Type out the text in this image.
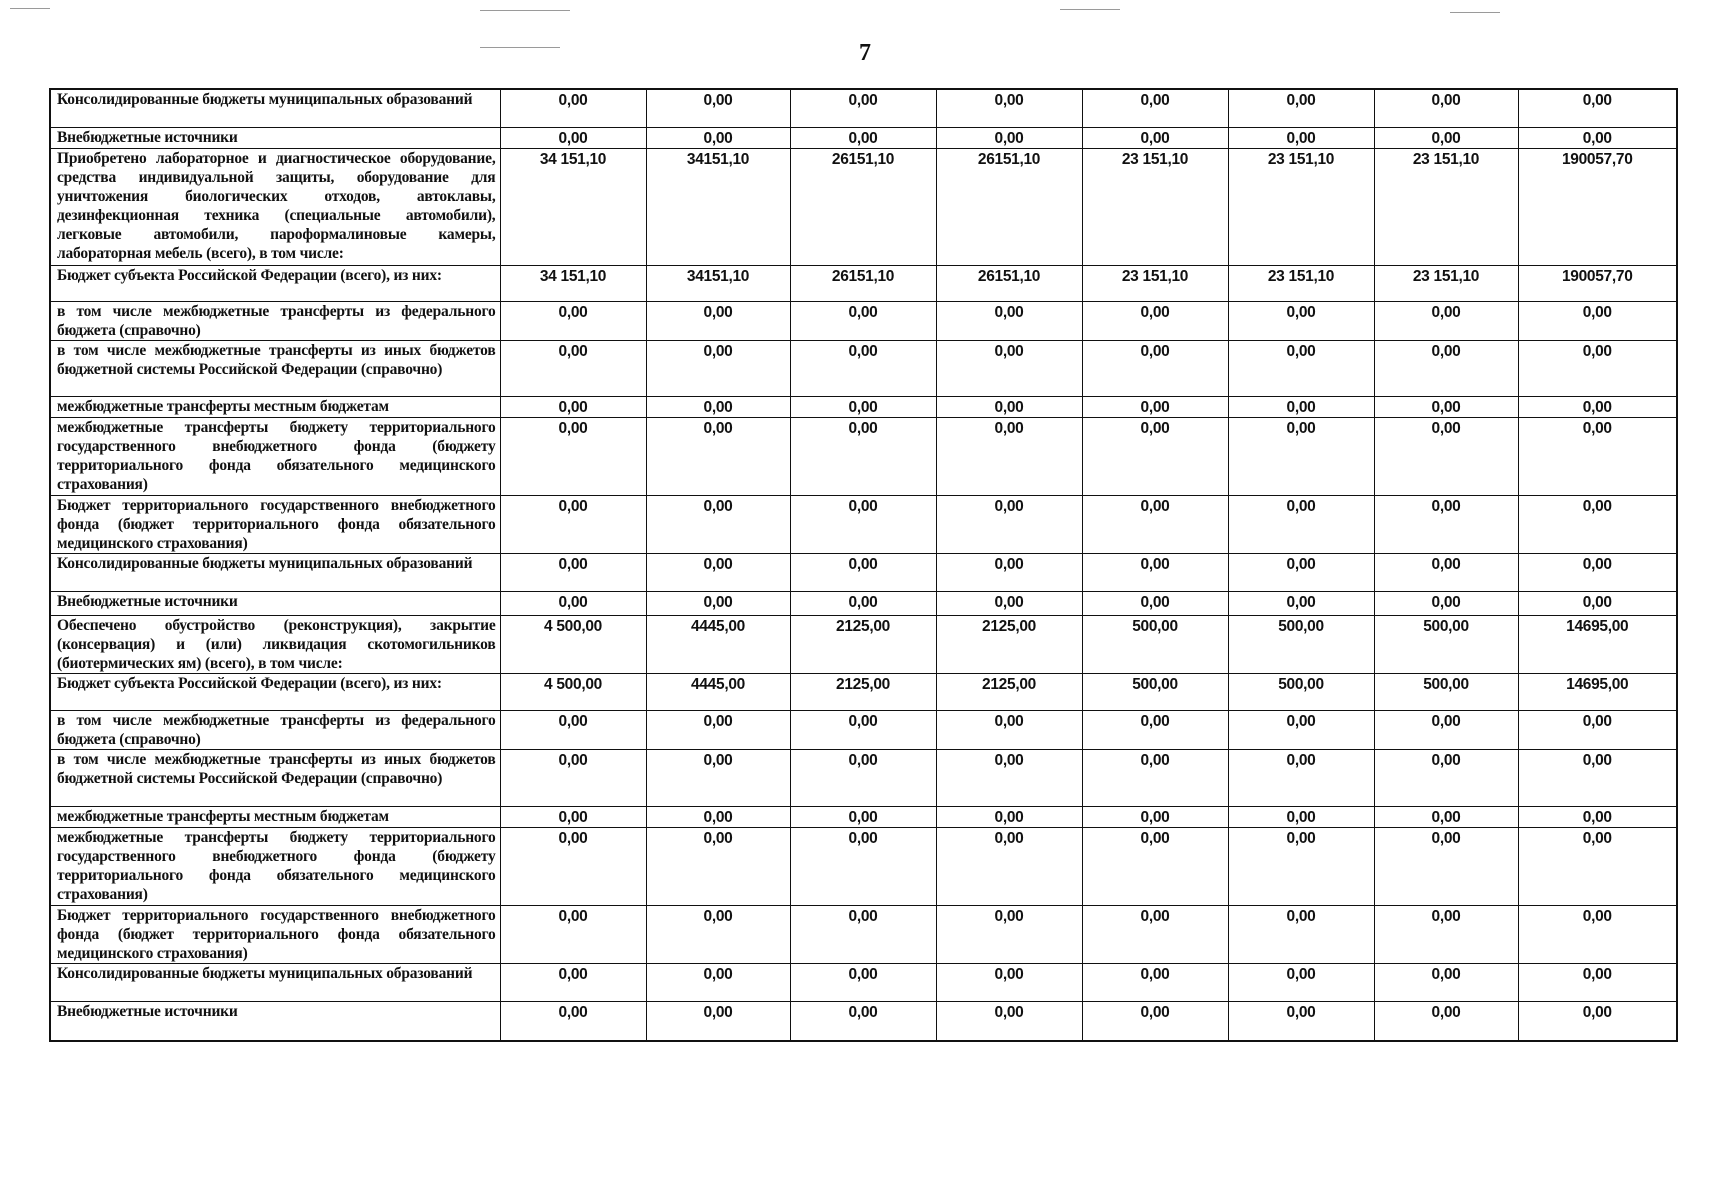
7
Консолидированные бюджеты муниципальных образований	0,00	0,00	0,00	0,00	0,00	0,00	0,00	0,00
Внебюджетные источники	0,00	0,00	0,00	0,00	0,00	0,00	0,00	0,00
Приобретено лабораторное и диагностическое оборудование, средства индивидуальной защиты, оборудование для уничтожения биологических отходов, автоклавы, дезинфекционная техника (специальные автомобили), легковые автомобили, пароформалиновые камеры, лабораторная мебель (всего), в том числе:	34 151,10	34151,10	26151,10	26151,10	23 151,10	23 151,10	23 151,10	190057,70
Бюджет субъекта Российской Федерации (всего), из них:	34 151,10	34151,10	26151,10	26151,10	23 151,10	23 151,10	23 151,10	190057,70
в том числе межбюджетные трансферты из федерального бюджета (справочно)	0,00	0,00	0,00	0,00	0,00	0,00	0,00	0,00
в том числе межбюджетные трансферты из иных бюджетов бюджетной системы Российской Федерации (справочно)	0,00	0,00	0,00	0,00	0,00	0,00	0,00	0,00
межбюджетные трансферты местным бюджетам	0,00	0,00	0,00	0,00	0,00	0,00	0,00	0,00
межбюджетные трансферты бюджету территориального государственного внебюджетного фонда (бюджету территориального фонда обязательного медицинского страхования)	0,00	0,00	0,00	0,00	0,00	0,00	0,00	0,00
Бюджет территориального государственного внебюджетного фонда (бюджет территориального фонда обязательного медицинского страхования)	0,00	0,00	0,00	0,00	0,00	0,00	0,00	0,00
Консолидированные бюджеты муниципальных образований	0,00	0,00	0,00	0,00	0,00	0,00	0,00	0,00
Внебюджетные источники	0,00	0,00	0,00	0,00	0,00	0,00	0,00	0,00
Обеспечено обустройство (реконструкция), закрытие (консервация) и (или) ликвидация скотомогильников (биотермических ям) (всего), в том числе:	4 500,00	4445,00	2125,00	2125,00	500,00	500,00	500,00	14695,00
Бюджет субъекта Российской Федерации (всего), из них:	4 500,00	4445,00	2125,00	2125,00	500,00	500,00	500,00	14695,00
в том числе межбюджетные трансферты из федерального бюджета (справочно)	0,00	0,00	0,00	0,00	0,00	0,00	0,00	0,00
в том числе межбюджетные трансферты из иных бюджетов бюджетной системы Российской Федерации (справочно)	0,00	0,00	0,00	0,00	0,00	0,00	0,00	0,00
межбюджетные трансферты местным бюджетам	0,00	0,00	0,00	0,00	0,00	0,00	0,00	0,00
межбюджетные трансферты бюджету территориального государственного внебюджетного фонда (бюджету территориального фонда обязательного медицинского страхования)	0,00	0,00	0,00	0,00	0,00	0,00	0,00	0,00
Бюджет территориального государственного внебюджетного фонда (бюджет территориального фонда обязательного медицинского страхования)	0,00	0,00	0,00	0,00	0,00	0,00	0,00	0,00
Консолидированные бюджеты муниципальных образований	0,00	0,00	0,00	0,00	0,00	0,00	0,00	0,00
Внебюджетные источники	0,00	0,00	0,00	0,00	0,00	0,00	0,00	0,00
